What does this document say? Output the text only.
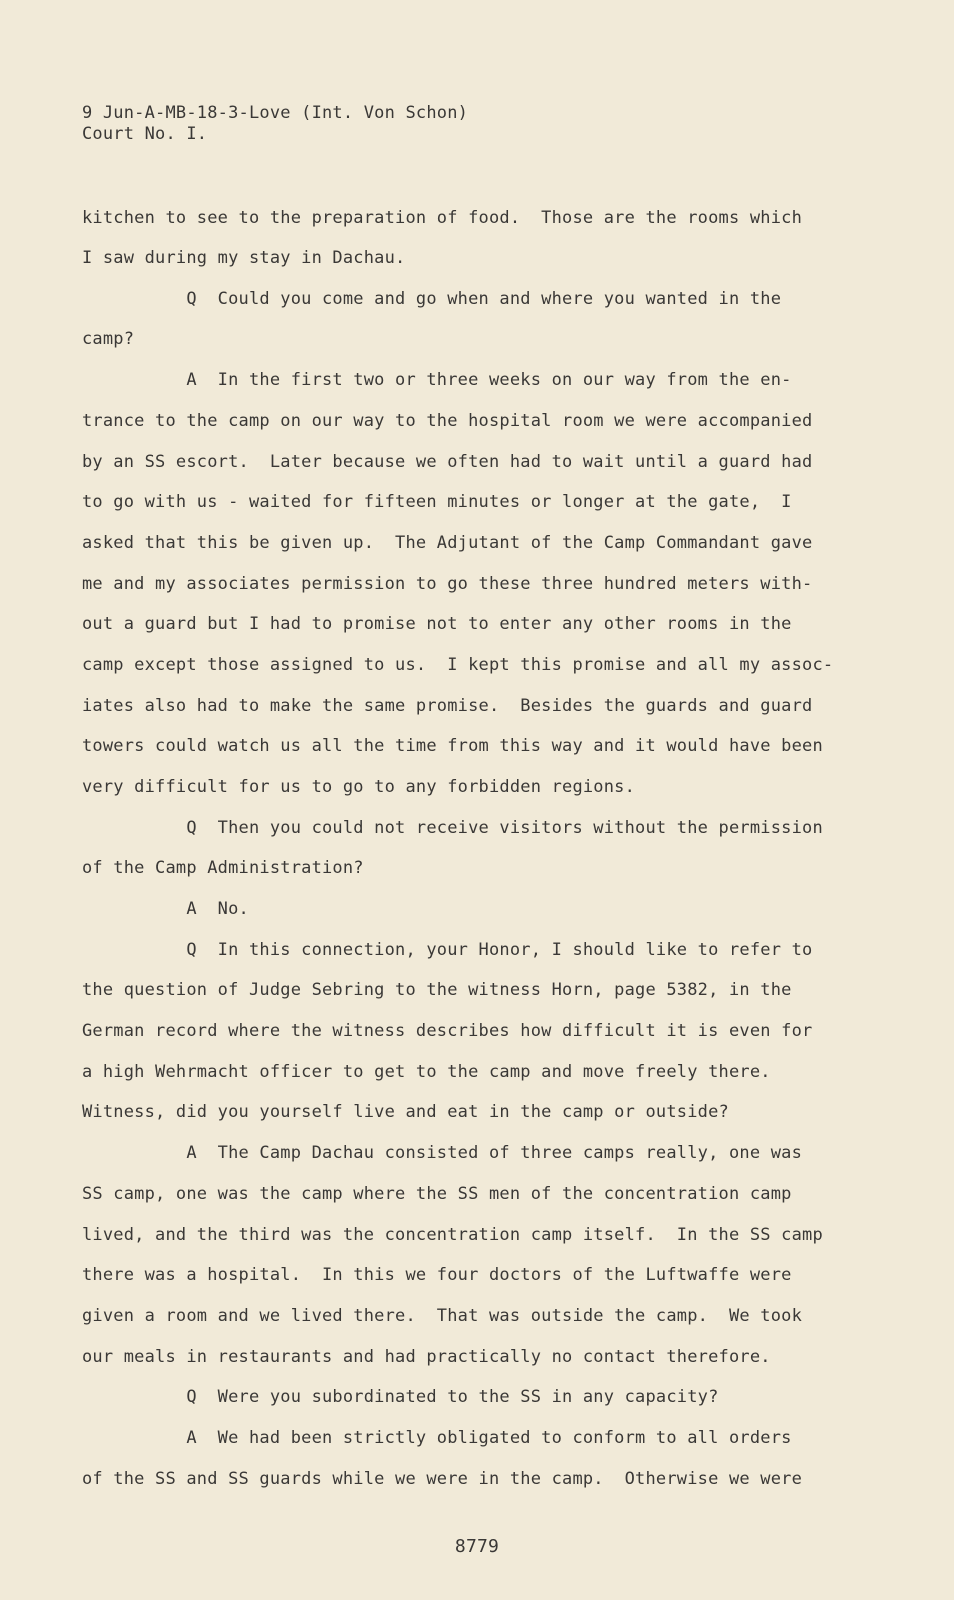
9 Jun-A-MB-18-3-Love (Int. Von Schon)
Court No. I.
kitchen to see to the preparation of food.  Those are the rooms which
I saw during my stay in Dachau.
Q  Could you come and go when and where you wanted in the
camp?
A  In the first two or three weeks on our way from the en-
trance to the camp on our way to the hospital room we were accompanied
by an SS escort.  Later because we often had to wait until a guard had
to go with us - waited for fifteen minutes or longer at the gate,  I
asked that this be given up.  The Adjutant of the Camp Commandant gave
me and my associates permission to go these three hundred meters with-
out a guard but I had to promise not to enter any other rooms in the
camp except those assigned to us.  I kept this promise and all my assoc-
iates also had to make the same promise.  Besides the guards and guard
towers could watch us all the time from this way and it would have been
very difficult for us to go to any forbidden regions.
Q  Then you could not receive visitors without the permission
of the Camp Administration?
A  No.
Q  In this connection, your Honor, I should like to refer to
the question of Judge Sebring to the witness Horn, page 5382, in the
German record where the witness describes how difficult it is even for
a high Wehrmacht officer to get to the camp and move freely there.
Witness, did you yourself live and eat in the camp or outside?
A  The Camp Dachau consisted of three camps really, one was
SS camp, one was the camp where the SS men of the concentration camp
lived, and the third was the concentration camp itself.  In the SS camp
there was a hospital.  In this we four doctors of the Luftwaffe were
given a room and we lived there.  That was outside the camp.  We took
our meals in restaurants and had practically no contact therefore.
Q  Were you subordinated to the SS in any capacity?
A  We had been strictly obligated to conform to all orders
of the SS and SS guards while we were in the camp.  Otherwise we were
8779
